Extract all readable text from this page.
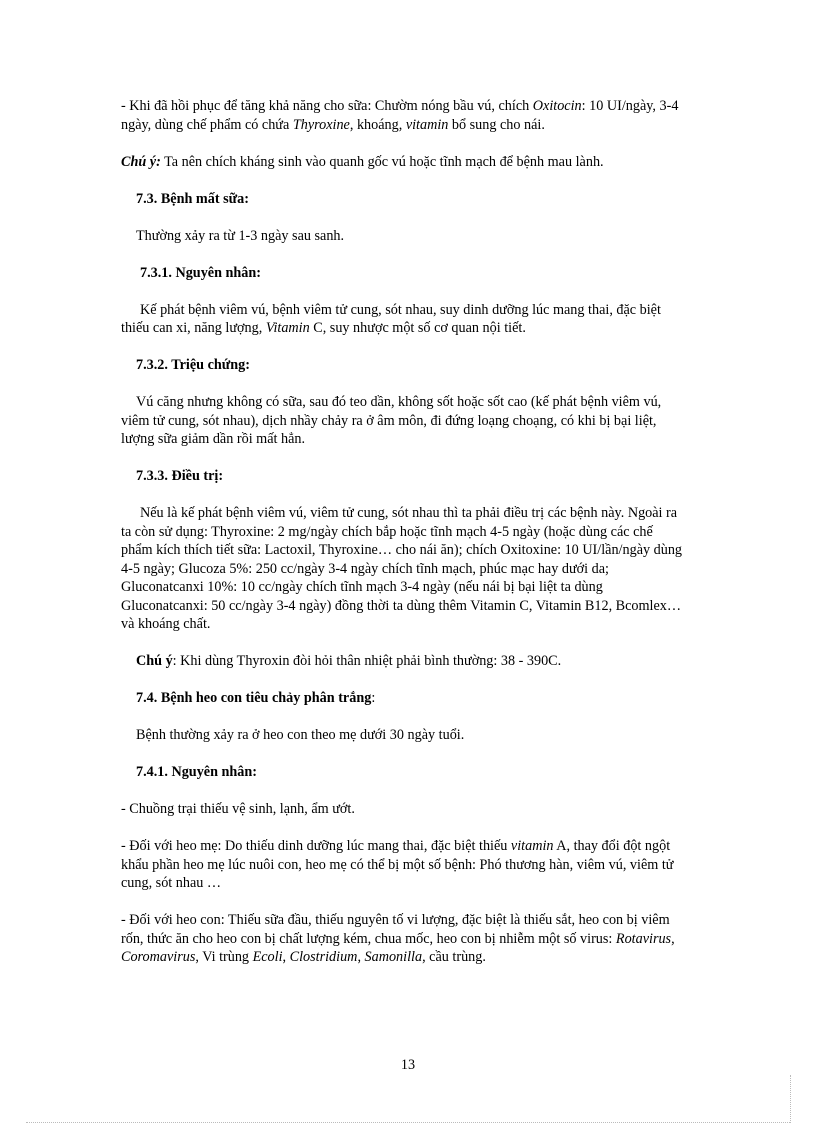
- Khi đã hồi phục để tăng khả năng cho sữa: Chườm nóng bầu vú, chích Oxitocin: 10 UI/ngày, 3-4 ngày, dùng chế phẩm có chứa Thyroxine, khoáng, vitamin bổ sung cho nái.

Chú ý: Ta nên chích kháng sinh vào quanh gốc vú hoặc tĩnh mạch để bệnh mau lành.

7.3. Bệnh mất sữa:

Thường xảy ra từ 1-3 ngày sau sanh.

7.3.1. Nguyên nhân:

Kế phát bệnh viêm vú, bệnh viêm tử cung, sót nhau, suy dinh dưỡng lúc mang thai, đặc biệt thiếu can xi, năng lượng, Vitamin C, suy nhược một số cơ quan nội tiết.

7.3.2. Triệu chứng:

Vú căng nhưng không có sữa, sau đó teo dần, không sốt hoặc sốt cao (kế phát bệnh viêm vú, viêm tử cung, sót nhau), dịch nhầy chảy ra ở âm môn, đi đứng loạng choạng, có khi bị bại liệt, lượng sữa giảm dần rồi mất hẳn.

7.3.3. Điều trị:

Nếu là kế phát bệnh viêm vú, viêm tử cung, sót nhau thì ta phải điều trị các bệnh này. Ngoài ra ta còn sử dụng: Thyroxine: 2 mg/ngày chích bắp hoặc tĩnh mạch 4-5 ngày (hoặc dùng các chế phẩm kích thích tiết sữa: Lactoxil, Thyroxine… cho nái ăn); chích Oxitoxine: 10 UI/lần/ngày dùng 4-5 ngày; Glucoza 5%: 250 cc/ngày 3-4 ngày chích tĩnh mạch, phúc mạc hay dưới da; Gluconatcanxi 10%: 10 cc/ngày chích tĩnh mạch 3-4 ngày (nếu nái bị bại liệt ta dùng Gluconatcanxi: 50 cc/ngày 3-4 ngày) đồng thời ta dùng thêm Vitamin C, Vitamin B12, Bcomlex… và khoáng chất.

Chú ý: Khi dùng Thyroxin đòi hỏi thân nhiệt phải bình thường: 38 - 390C.

7.4. Bệnh heo con tiêu chảy phân trắng:

Bệnh thường xảy ra ở heo con theo mẹ dưới 30 ngày tuổi.

7.4.1. Nguyên nhân:

- Chuồng trại thiếu vệ sinh, lạnh, ẩm ướt.

- Đối với heo mẹ: Do thiếu dinh dưỡng lúc mang thai, đặc biệt thiếu vitamin A, thay đổi đột ngột khẩu phần heo mẹ lúc nuôi con, heo mẹ có thể bị một số bệnh: Phó thương hàn, viêm vú, viêm tử cung, sót nhau …

- Đối với heo con: Thiếu sữa đầu, thiếu nguyên tố vi lượng, đặc biệt là thiếu sắt, heo con bị viêm rốn, thức ăn cho heo con bị chất lượng kém, chua mốc, heo con bị nhiễm một số virus: Rotavirus, Coromavirus, Vi trùng Ecoli, Clostridium, Samonilla, cầu trùng.

13
